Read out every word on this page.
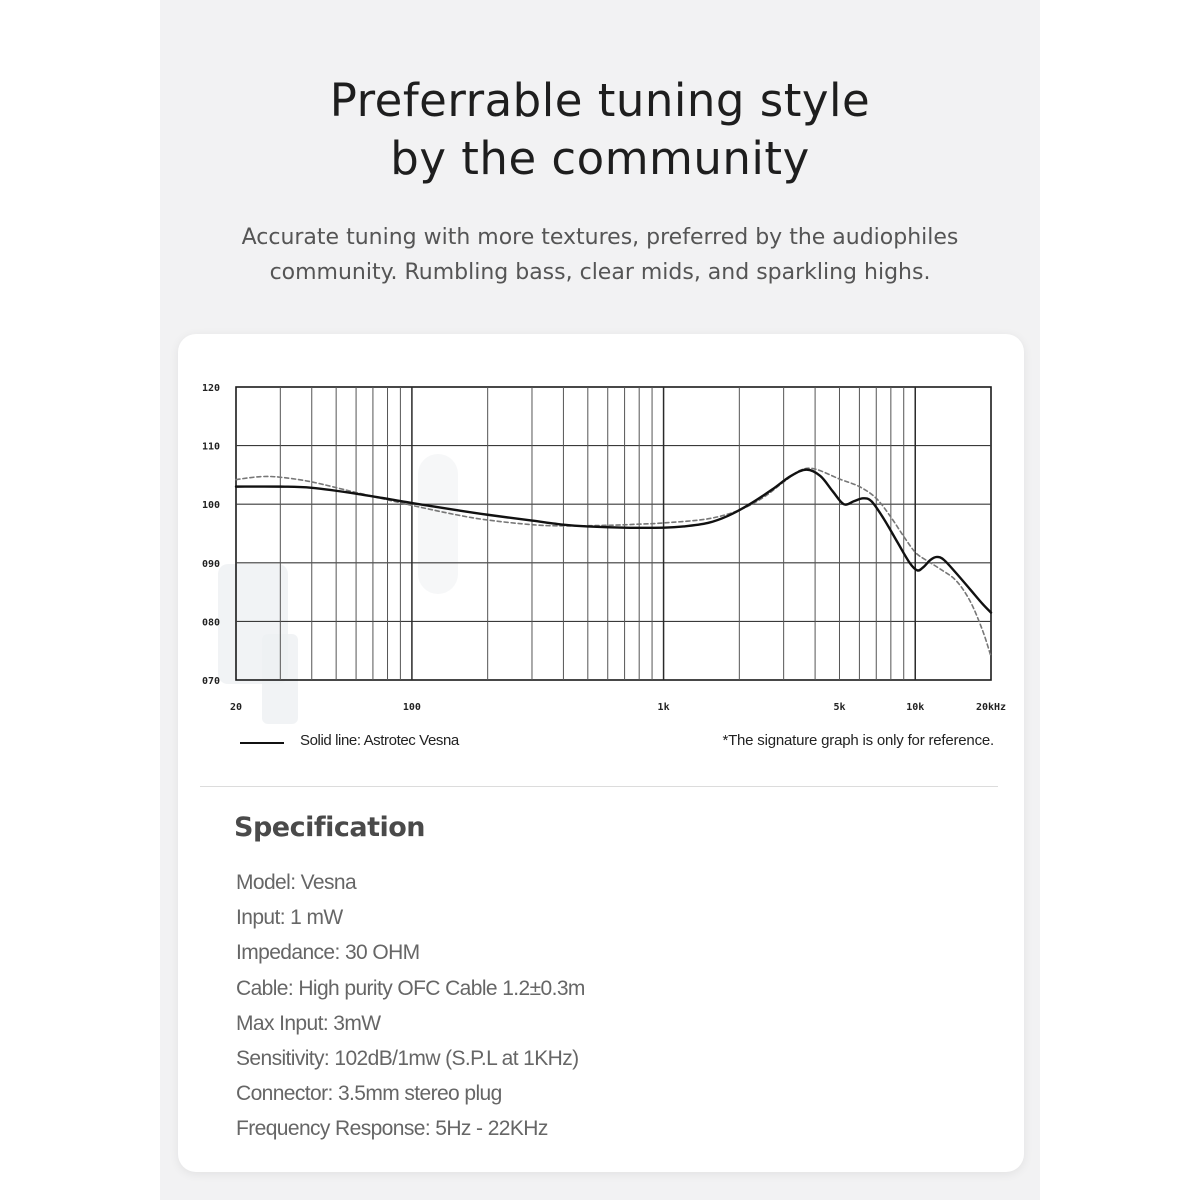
Preferrable tuning style
by the community

Accurate tuning with more textures, preferred by the audiophiles
community. Rumbling bass, clear mids, and sparkling highs.

120
110
100
090
080
070
20	100	1k	5k	10k	20kHz
Solid line: Astrotec Vesna	*The signature graph is only for reference.
Specification
Model: Vesna
Input: 1 mW
Impedance: 30 OHM
Cable: High purity OFC Cable 1.2±0.3m
Max Input: 3mW
Sensitivity: 102dB/1mw (S.P.L at 1KHz)
Connector: 3.5mm stereo plug
Frequency Response: 5Hz - 22KHz
